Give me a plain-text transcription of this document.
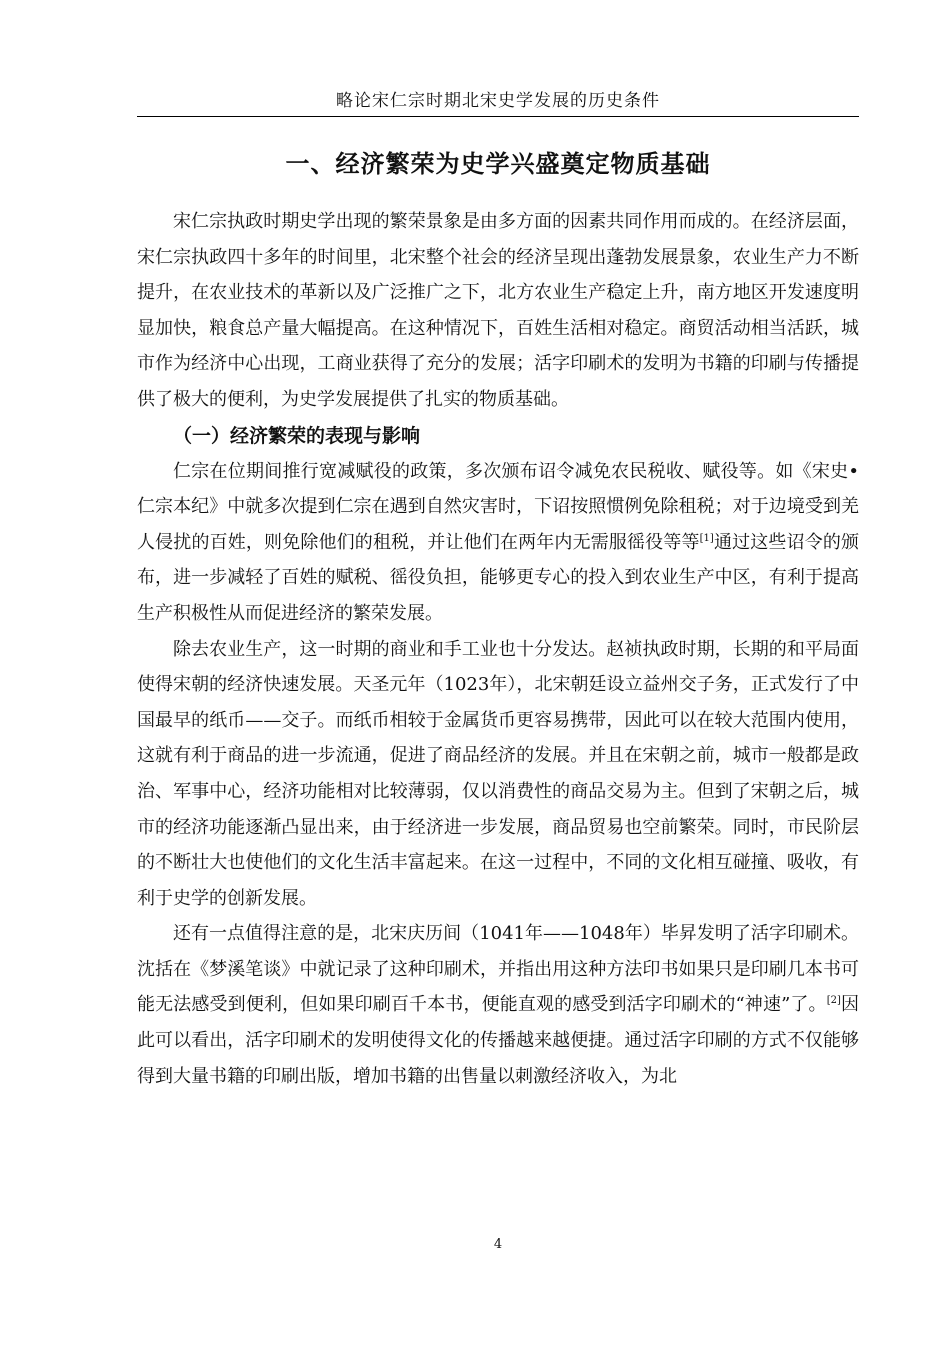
略论宋仁宗时期北宋史学发展的历史条件
一、经济繁荣为史学兴盛奠定物质基础

宋仁宗执政时期史学出现的繁荣景象是由多方面的因素共同作用而成的。在经济层面，宋仁宗执政四十多年的时间里，北宋整个社会的经济呈现出蓬勃发展景象，农业生产力不断提升，在农业技术的革新以及广泛推广之下，北方农业生产稳定上升，南方地区开发速度明显加快，粮食总产量大幅提高。在这种情况下，百姓生活相对稳定。商贸活动相当活跃，城市作为经济中心出现，工商业获得了充分的发展；活字印刷术的发明为书籍的印刷与传播提供了极大的便利，为史学发展提供了扎实的物质基础。

（一）经济繁荣的表现与影响

仁宗在位期间推行宽减赋役的政策，多次颁布诏令减免农民税收、赋役等。如《宋史•仁宗本纪》中就多次提到仁宗在遇到自然灾害时，下诏按照惯例免除租税；对于边境受到羌人侵扰的百姓，则免除他们的租税，并让他们在两年内无需服徭役等等[1]通过这些诏令的颁布，进一步减轻了百姓的赋税、徭役负担，能够更专心的投入到农业生产中区，有利于提高生产积极性从而促进经济的繁荣发展。

除去农业生产，这一时期的商业和手工业也十分发达。赵祯执政时期，长期的和平局面使得宋朝的经济快速发展。天圣元年（1023年），北宋朝廷设立益州交子务，正式发行了中国最早的纸币——交子。而纸币相较于金属货币更容易携带，因此可以在较大范围内使用，这就有利于商品的进一步流通，促进了商品经济的发展。并且在宋朝之前，城市一般都是政治、军事中心，经济功能相对比较薄弱，仅以消费性的商品交易为主。但到了宋朝之后，城市的经济功能逐渐凸显出来，由于经济进一步发展，商品贸易也空前繁荣。同时，市民阶层的不断壮大也使他们的文化生活丰富起来。在这一过程中，不同的文化相互碰撞、吸收，有利于史学的创新发展。

还有一点值得注意的是，北宋庆历间（1041年——1048年）毕昇发明了活字印刷术。沈括在《梦溪笔谈》中就记录了这种印刷术，并指出用这种方法印书如果只是印刷几本书可能无法感受到便利，但如果印刷百千本书，便能直观的感受到活字印刷术的“神速”了。[2]因此可以看出，活字印刷术的发明使得文化的传播越来越便捷。通过活字印刷的方式不仅能够得到大量书籍的印刷出版，增加书籍的出售量以刺激经济收入，为北

4
